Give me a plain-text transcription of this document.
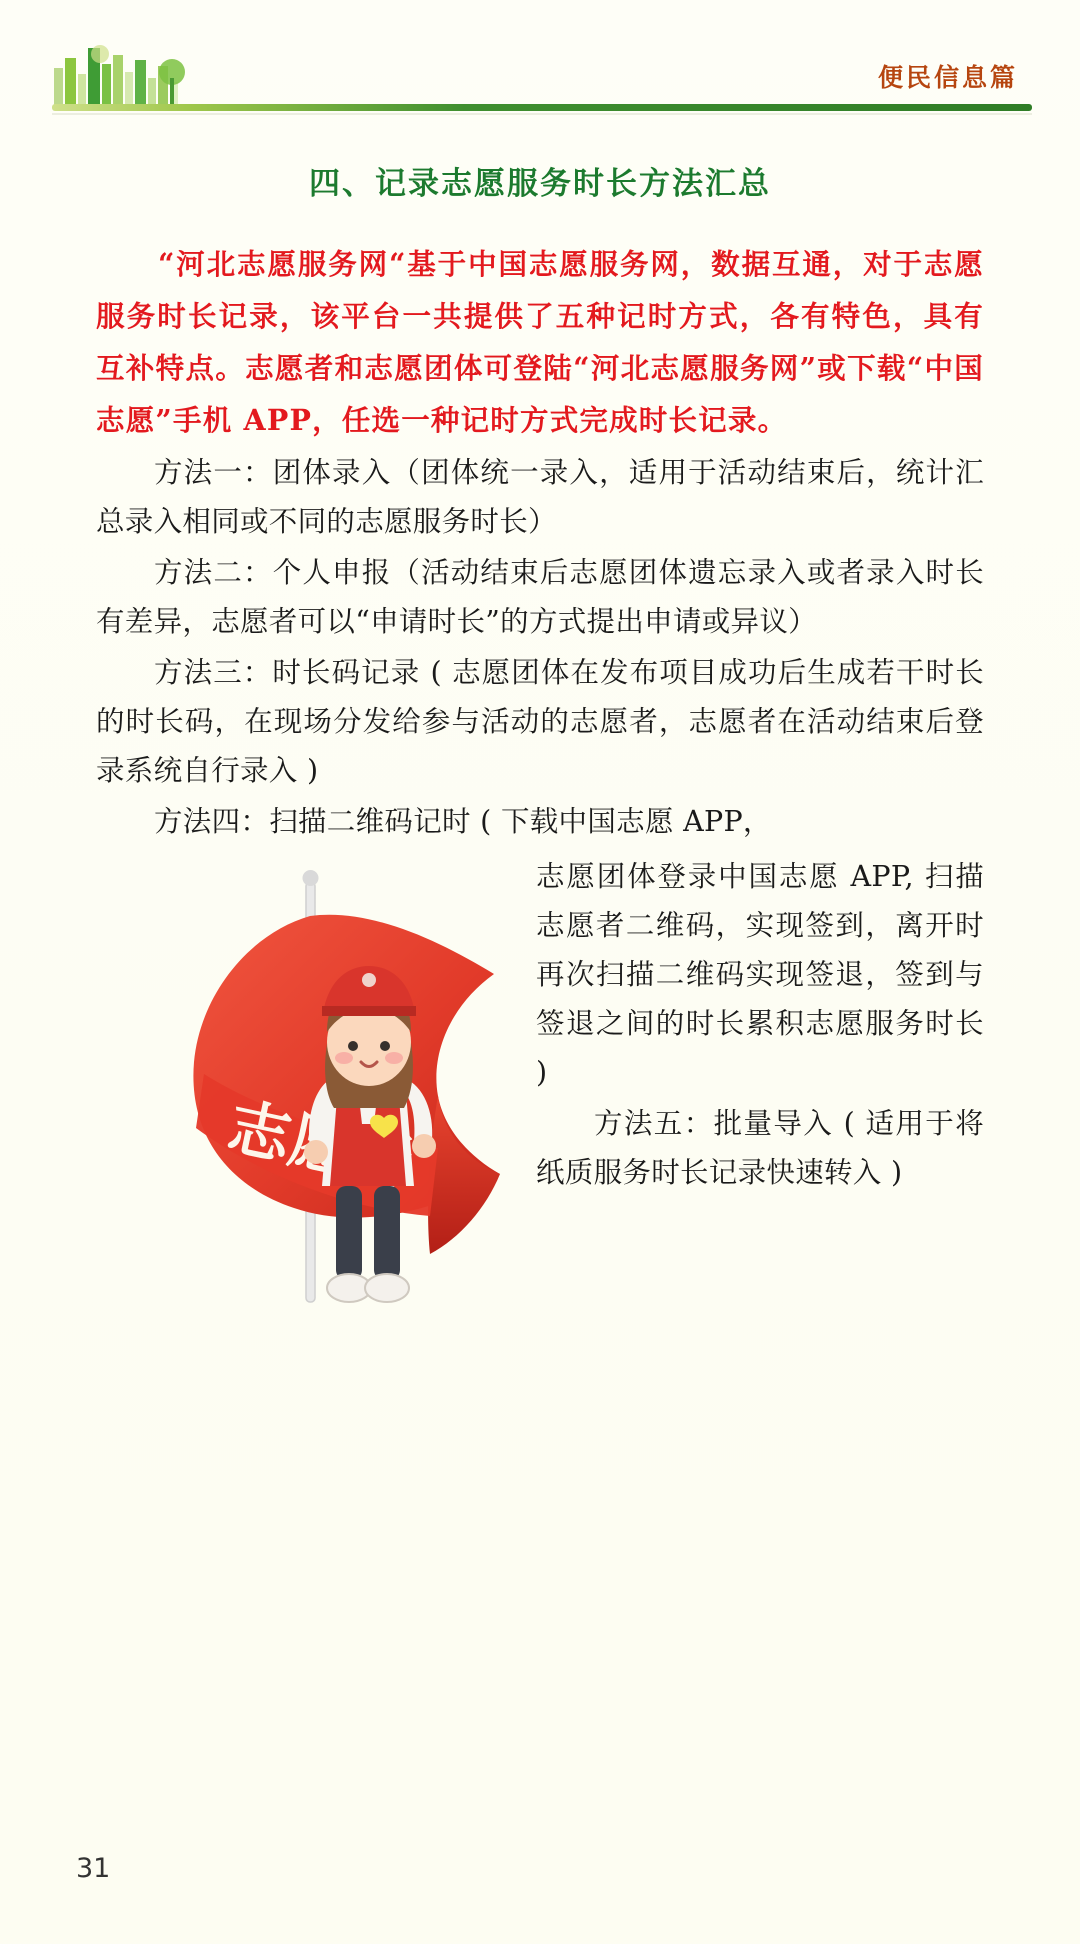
便民信息篇
四、记录志愿服务时长方法汇总

“河北志愿服务网“基于中国志愿服务网，数据互通，对于志愿服务时长记录，该平台一共提供了五种记时方式，各有特色，具有互补特点。志愿者和志愿团体可登陆“河北志愿服务网”或下载“中国志愿”手机 APP，任选一种记时方式完成时长记录。

方法一：团体录入（团体统一录入，适用于活动结束后，统计汇总录入相同或不同的志愿服务时长）

方法二：个人申报（活动结束后志愿团体遗忘录入或者录入时长有差异，志愿者可以“申请时长”的方式提出申请或异议）

方法三：时长码记录 ( 志愿团体在发布项目成功后生成若干时长的时长码，在现场分发给参与活动的志愿者，志愿者在活动结束后登录系统自行录入 )

方法四：扫描二维码记时 ( 下载中国志愿 APP，

志愿团体登录中国志愿 APP, 扫描志愿者二维码，实现签到，离开时再次扫描二维码实现签退，签到与签退之间的时长累积志愿服务时长 )

方法五：批量导入 ( 适用于将纸质服务时长记录快速转入 )

31
